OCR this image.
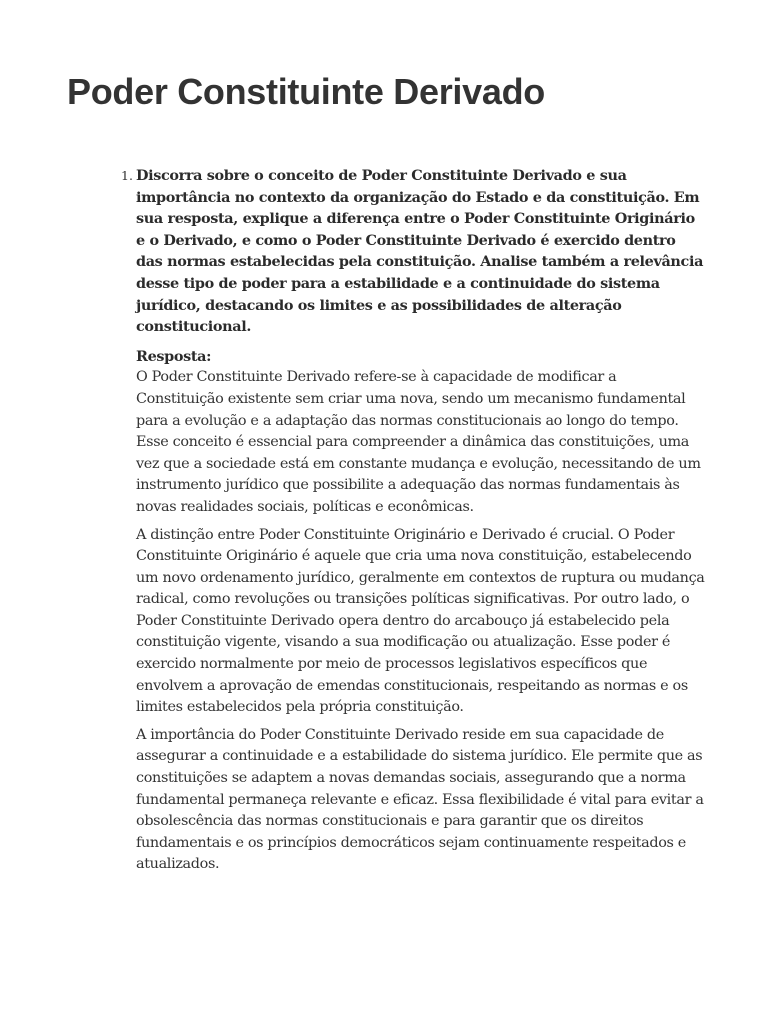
Poder Constituinte Derivado
1. Discorra sobre o conceito de Poder Constituinte Derivado e sua importância no contexto da organização do Estado e da constituição. Em sua resposta, explique a diferença entre o Poder Constituinte Originário e o Derivado, e como o Poder Constituinte Derivado é exercido dentro das normas estabelecidas pela constituição. Analise também a relevância desse tipo de poder para a estabilidade e a continuidade do sistema jurídico, destacando os limites e as possibilidades de alteração constitucional.

Resposta:

O Poder Constituinte Derivado refere-se à capacidade de modificar a Constituição existente sem criar uma nova, sendo um mecanismo fundamental para a evolução e a adaptação das normas constitucionais ao longo do tempo. Esse conceito é essencial para compreender a dinâmica das constituições, uma vez que a sociedade está em constante mudança e evolução, necessitando de um instrumento jurídico que possibilite a adequação das normas fundamentais às novas realidades sociais, políticas e econômicas.

A distinção entre Poder Constituinte Originário e Derivado é crucial. O Poder Constituinte Originário é aquele que cria uma nova constituição, estabelecendo um novo ordenamento jurídico, geralmente em contextos de ruptura ou mudança radical, como revoluções ou transições políticas significativas. Por outro lado, o Poder Constituinte Derivado opera dentro do arcabouço já estabelecido pela constituição vigente, visando a sua modificação ou atualização. Esse poder é exercido normalmente por meio de processos legislativos específicos que envolvem a aprovação de emendas constitucionais, respeitando as normas e os limites estabelecidos pela própria constituição.

A importância do Poder Constituinte Derivado reside em sua capacidade de assegurar a continuidade e a estabilidade do sistema jurídico. Ele permite que as constituições se adaptem a novas demandas sociais, assegurando que a norma fundamental permaneça relevante e eficaz. Essa flexibilidade é vital para evitar a obsolescência das normas constitucionais e para garantir que os direitos fundamentais e os princípios democráticos sejam continuamente respeitados e atualizados.
